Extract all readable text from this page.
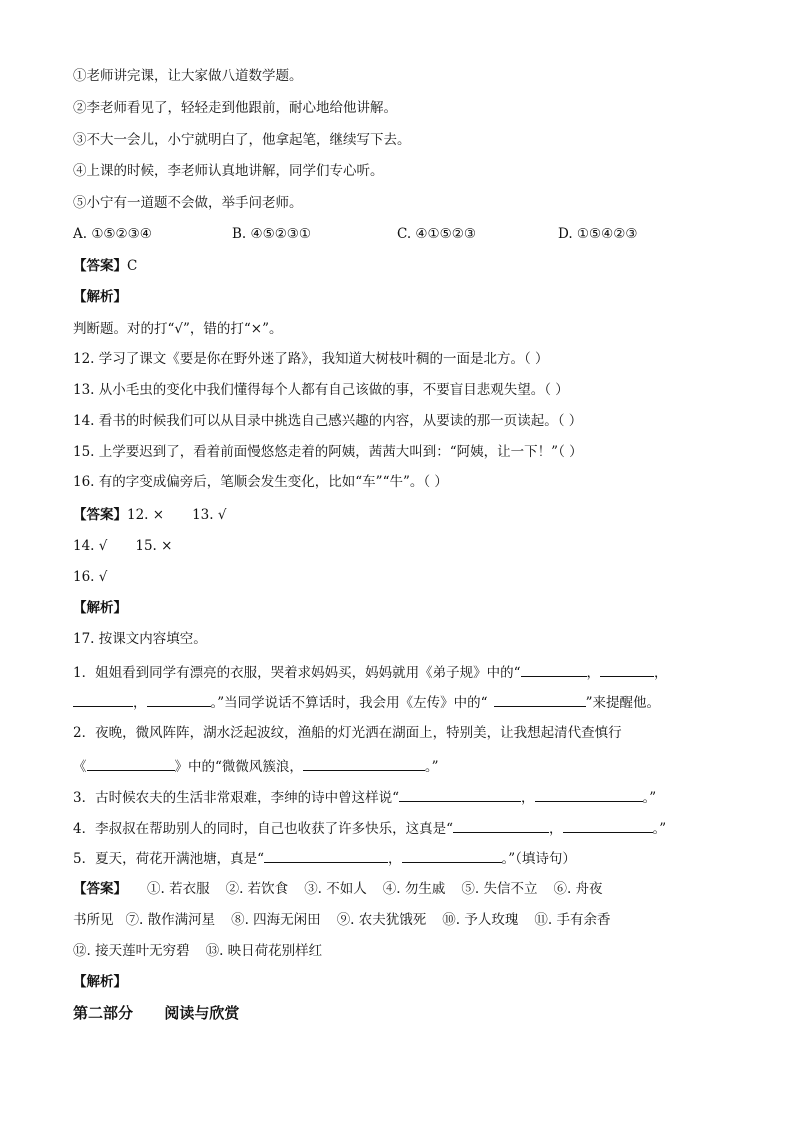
①老师讲完课，让大家做八道数学题。
②李老师看见了，轻轻走到他跟前，耐心地给他讲解。
③不大一会儿，小宁就明白了，他拿起笔，继续写下去。
④上课的时候，李老师认真地讲解，同学们专心听。
⑤小宁有一道题不会做，举手问老师。
A. ①⑤②③④	B. ④⑤②③①	C. ④①⑤②③	D. ①⑤④②③
【答案】C
【解析】
判断题。对的打“√”，错的打“×”。
12. 学习了课文《要是你在野外迷了路》，我知道大树枝叶稠的一面是北方。（ ）
13. 从小毛虫的变化中我们懂得每个人都有自己该做的事，不要盲目悲观失望。（ ）
14. 看书的时候我们可以从目录中挑选自己感兴趣的内容，从要读的那一页读起。（ ）
15. 上学要迟到了，看着前面慢悠悠走着的阿姨，茜茜大叫到：“阿姨，让一下！”（ ）
16. 有的字变成偏旁后，笔顺会发生变化，比如“车”“牛”。（ ）
【答案】12. × 13. √
14. √ 15. ×
16. √
【解析】
17. 按课文内容填空。
1．姐姐看到同学有漂亮的衣服，哭着求妈妈买，妈妈就用《弟子规》中的“	，	，
，	。”当同学说话不算话时，我会用《左传》中的“	”来提醒他。
2．夜晚，微风阵阵，湖水泛起波纹，渔船的灯光洒在湖面上，特别美，让我想起清代查慎行
《	》中的“微微风簇浪，	。”
3．古时候农夫的生活非常艰难，李绅的诗中曾这样说“	，	。”
4．李叔叔在帮助别人的同时，自己也收获了许多快乐，这真是“	，	。”
5．夏天，荷花开满池塘，真是“	，	。”（填诗句）
【答案】 ①. 若衣服 ②. 若饮食 ③. 不如人 ④. 勿生戚 ⑤. 失信不立 ⑥. 舟夜
书所见 ⑦. 散作满河星 ⑧. 四海无闲田 ⑨. 农夫犹饿死 ⑩. 予人玫瑰 ⑪. 手有余香
⑫. 接天莲叶无穷碧 ⑬. 映日荷花别样红
【解析】
第二部分      阅读与欣赏
